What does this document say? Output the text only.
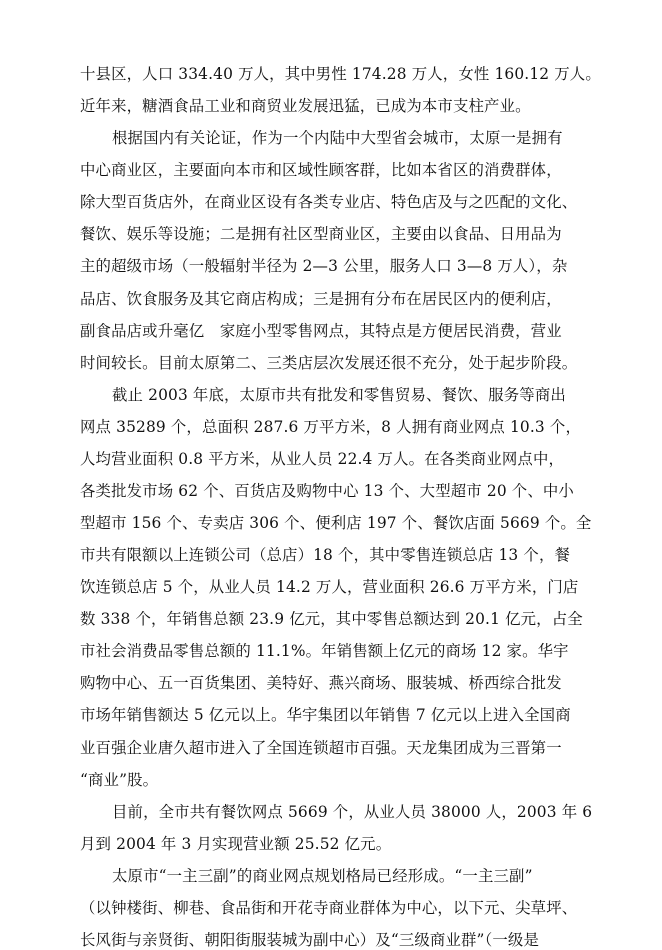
十县区，人口 334.40 万人，其中男性 174.28 万人，女性 160.12 万人。
近年来，糖酒食品工业和商贸业发展迅猛，已成为本市支柱产业。
根据国内有关论证，作为一个内陆中大型省会城市，太原一是拥有
中心商业区，主要面向本市和区域性顾客群，比如本省区的消费群体，
除大型百货店外，在商业区设有各类专业店、特色店及与之匹配的文化、
餐饮、娱乐等设施；二是拥有社区型商业区，主要由以食品、日用品为
主的超级市场（一般辐射半径为 2—3 公里，服务人口 3—8 万人），杂
品店、饮食服务及其它商店构成；三是拥有分布在居民区内的便利店，
副食品店或升毫亿　家庭小型零售网点，其特点是方便居民消费，营业
时间较长。目前太原第二、三类店层次发展还很不充分，处于起步阶段。
截止 2003 年底，太原市共有批发和零售贸易、餐饮、服务等商出
网点 35289 个，总面积 287.6 万平方米，8 人拥有商业网点 10.3 个，
人均营业面积 0.8 平方米，从业人员 22.4 万人。在各类商业网点中，
各类批发市场 62 个、百货店及购物中心 13 个、大型超市 20 个、中小
型超市 156 个、专卖店 306 个、便利店 197 个、餐饮店面 5669 个。全
市共有限额以上连锁公司（总店）18 个，其中零售连锁总店 13 个，餐
饮连锁总店 5 个，从业人员 14.2 万人，营业面积 26.6 万平方米，门店
数 338 个，年销售总额 23.9 亿元，其中零售总额达到 20.1 亿元，占全
市社会消费品零售总额的 11.1%。年销售额上亿元的商场 12 家。华宇
购物中心、五一百货集团、美特好、燕兴商场、服装城、桥西综合批发
市场年销售额达 5 亿元以上。华宇集团以年销售 7 亿元以上进入全国商
业百强企业唐久超市进入了全国连锁超市百强。天龙集团成为三晋第一
“商业”股。
目前，全市共有餐饮网点 5669 个，从业人员 38000 人，2003 年 6
月到 2004 年 3 月实现营业额 25.52 亿元。
太原市“一主三副”的商业网点规划格局已经形成。“一主三副”
（以钟楼街、柳巷、食品街和开花寺商业群体为中心，以下元、尖草坪、
长风街与亲贤街、朝阳街服装城为副中心）及“三级商业群”（一级是
